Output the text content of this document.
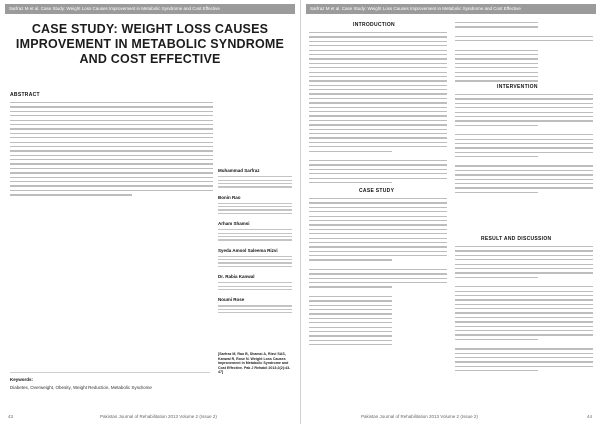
Sarfraz M et al. Case Study: Weight Loss Causes Improvement in Metabolic Syndrome and Cost Effective
CASE STUDY: WEIGHT LOSS CAUSES
IMPROVEMENT IN METABOLIC SYNDROME
AND COST EFFECTIVE
ABSTRACT
Keywords:
Diabetes, Overweight, Obesity, Weight Reduction, Metabolic Syndrome
Muhammad Sarfraz
Bonin Rao
Arham Shamsi
Syeda Amool Saleema Rizvi
Dr. Rabia Kanwal
Noumi Rose
[Sarfraz M, Rao B, Shamsi A, Rizvi SAS, Kanwal R, Rose N. Weight Loss Causes Improvement in Metabolic Syndrome and Cost Effective. Pak J Rehabil 2013;2(2):43-47]
43	Pakistan Journal of Rehabilitation 2013 Volume 2 (Issue 2)
Sarfraz M et al. Case Study: Weight Loss Causes Improvement in Metabolic Syndrome and Cost Effective
INTRODUCTION
CASE STUDY
INTERVENTION
RESULT AND DISCUSSION
Pakistan Journal of Rehabilitation 2013 Volume 2 (Issue 2)	44
